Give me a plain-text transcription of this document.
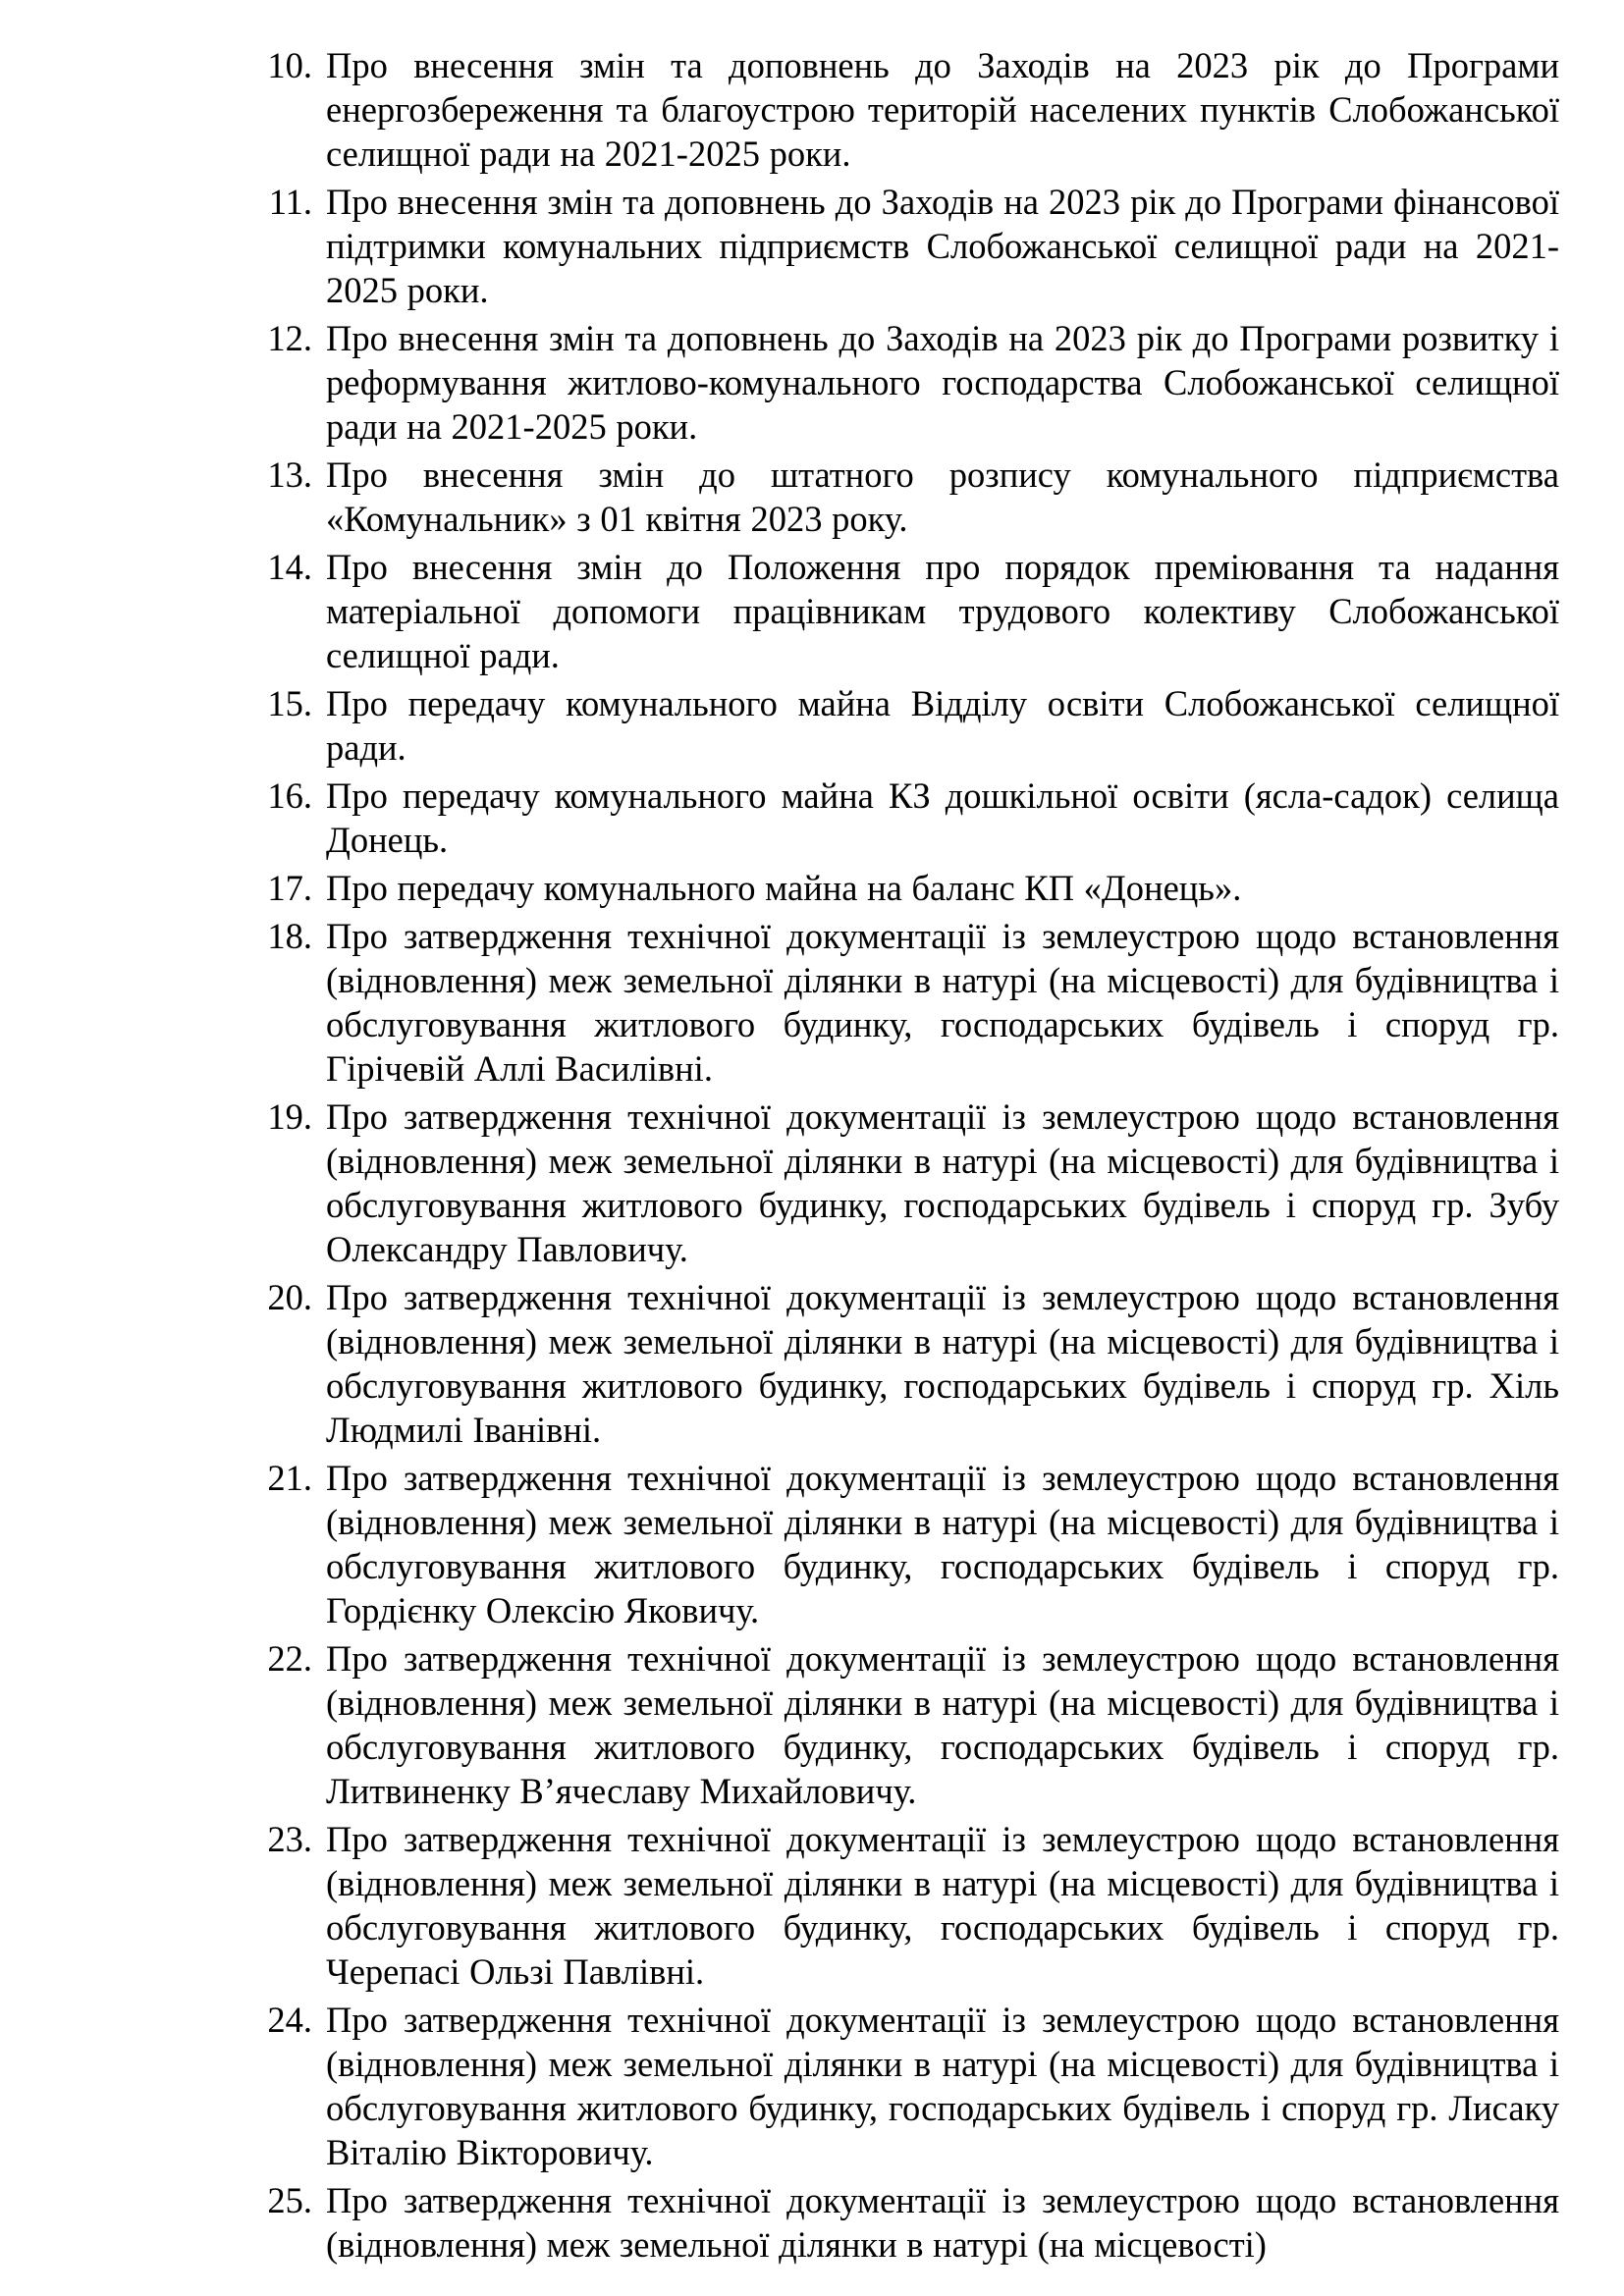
10. Про внесення змін та доповнень до Заходів на 2023 рік до Програми енергозбереження та благоустрою територій населених пунктів Слобожанської селищної ради на 2021-2025 роки.
11. Про внесення змін та доповнень до Заходів на 2023 рік до Програми фінансової підтримки комунальних підприємств Слобожанської селищної ради на 2021-2025 роки.
12. Про внесення змін та доповнень до Заходів на 2023 рік до Програми розвитку і реформування житлово-комунального господарства Слобожанської селищної ради на 2021-2025 роки.
13. Про внесення змін до штатного розпису комунального підприємства «Комунальник» з 01 квітня 2023 року.
14. Про внесення змін до Положення про порядок преміювання та надання матеріальної допомоги працівникам трудового колективу Слобожанської селищної ради.
15. Про передачу комунального майна Відділу освіти Слобожанської селищної ради.
16. Про передачу комунального майна КЗ дошкільної освіти (ясла-садок) селища Донець.
17. Про передачу комунального майна на баланс КП «Донець».
18. Про затвердження технічної документації із землеустрою щодо встановлення (відновлення) меж земельної ділянки в натурі (на місцевості) для будівництва і обслуговування житлового будинку, господарських будівель і споруд гр. Гірічевій Аллі Василівні.
19. Про затвердження технічної документації із землеустрою щодо встановлення (відновлення) меж земельної ділянки в натурі (на місцевості) для будівництва і обслуговування житлового будинку, господарських будівель і споруд гр. Зубу Олександру Павловичу.
20. Про затвердження технічної документації із землеустрою щодо встановлення (відновлення) меж земельної ділянки в натурі (на місцевості) для будівництва і обслуговування житлового будинку, господарських будівель і споруд гр. Хіль Людмилі Іванівні.
21. Про затвердження технічної документації із землеустрою щодо встановлення (відновлення) меж земельної ділянки в натурі (на місцевості) для будівництва і обслуговування житлового будинку, господарських будівель і споруд гр. Гордієнку Олексію Яковичу.
22. Про затвердження технічної документації із землеустрою щодо встановлення (відновлення) меж земельної ділянки в натурі (на місцевості) для будівництва і обслуговування житлового будинку, господарських будівель і споруд гр. Литвиненку В’ячеславу Михайловичу.
23. Про затвердження технічної документації із землеустрою щодо встановлення (відновлення) меж земельної ділянки в натурі (на місцевості) для будівництва і обслуговування житлового будинку, господарських будівель і споруд гр. Черепасі Ользі Павлівні.
24. Про затвердження технічної документації із землеустрою щодо встановлення (відновлення) меж земельної ділянки в натурі (на місцевості) для будівництва і обслуговування житлового будинку, господарських будівель і споруд гр. Лисаку Віталію Вікторовичу.
25. Про затвердження технічної документації із землеустрою щодо встановлення (відновлення) меж земельної ділянки в натурі (на місцевості)
